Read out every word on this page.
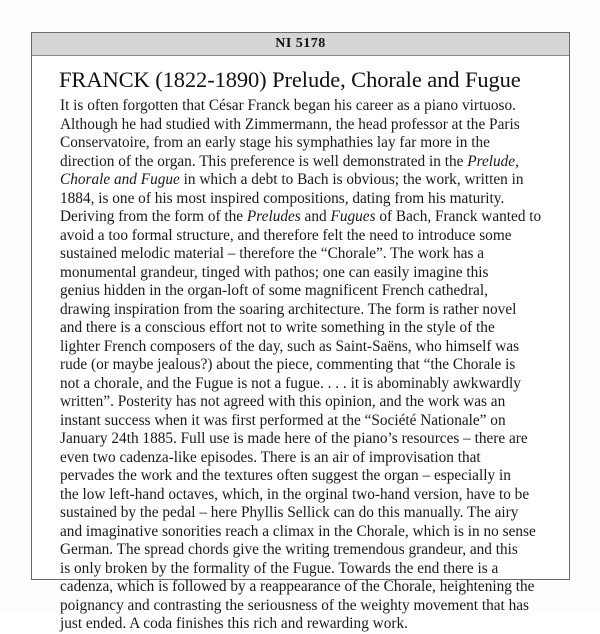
NI 5178
FRANCK (1822-1890) Prelude, Chorale and Fugue
It is often forgotten that César Franck began his career as a piano virtuoso.
Although he had studied with Zimmermann, the head professor at the Paris
Conservatoire, from an early stage his symphathies lay far more in the
direction of the organ. This preference is well demonstrated in the Prelude,
Chorale and Fugue in which a debt to Bach is obvious; the work, written in
1884, is one of his most inspired compositions, dating from his maturity.
Deriving from the form of the Preludes and Fugues of Bach, Franck wanted to
avoid a too formal structure, and therefore felt the need to introduce some
sustained melodic material – therefore the “Chorale”. The work has a
monumental grandeur, tinged with pathos; one can easily imagine this
genius hidden in the organ-loft of some magnificent French cathedral,
drawing inspiration from the soaring architecture. The form is rather novel
and there is a conscious effort not to write something in the style of the
lighter French composers of the day, such as Saint-Saëns, who himself was
rude (or maybe jealous?) about the piece, commenting that “the Chorale is
not a chorale, and the Fugue is not a fugue. . . . it is abominably awkwardly
written”. Posterity has not agreed with this opinion, and the work was an
instant success when it was first performed at the “Société Nationale” on
January 24th 1885. Full use is made here of the piano’s resources – there are
even two cadenza-like episodes. There is an air of improvisation that
pervades the work and the textures often suggest the organ – especially in
the low left-hand octaves, which, in the orginal two-hand version, have to be
sustained by the pedal – here Phyllis Sellick can do this manually. The airy
and imaginative sonorities reach a climax in the Chorale, which is in no sense
German. The spread chords give the writing tremendous grandeur, and this
is only broken by the formality of the Fugue. Towards the end there is a
cadenza, which is followed by a reappearance of the Chorale, heightening the
poignancy and contrasting the seriousness of the weighty movement that has
just ended. A coda finishes this rich and rewarding work.
